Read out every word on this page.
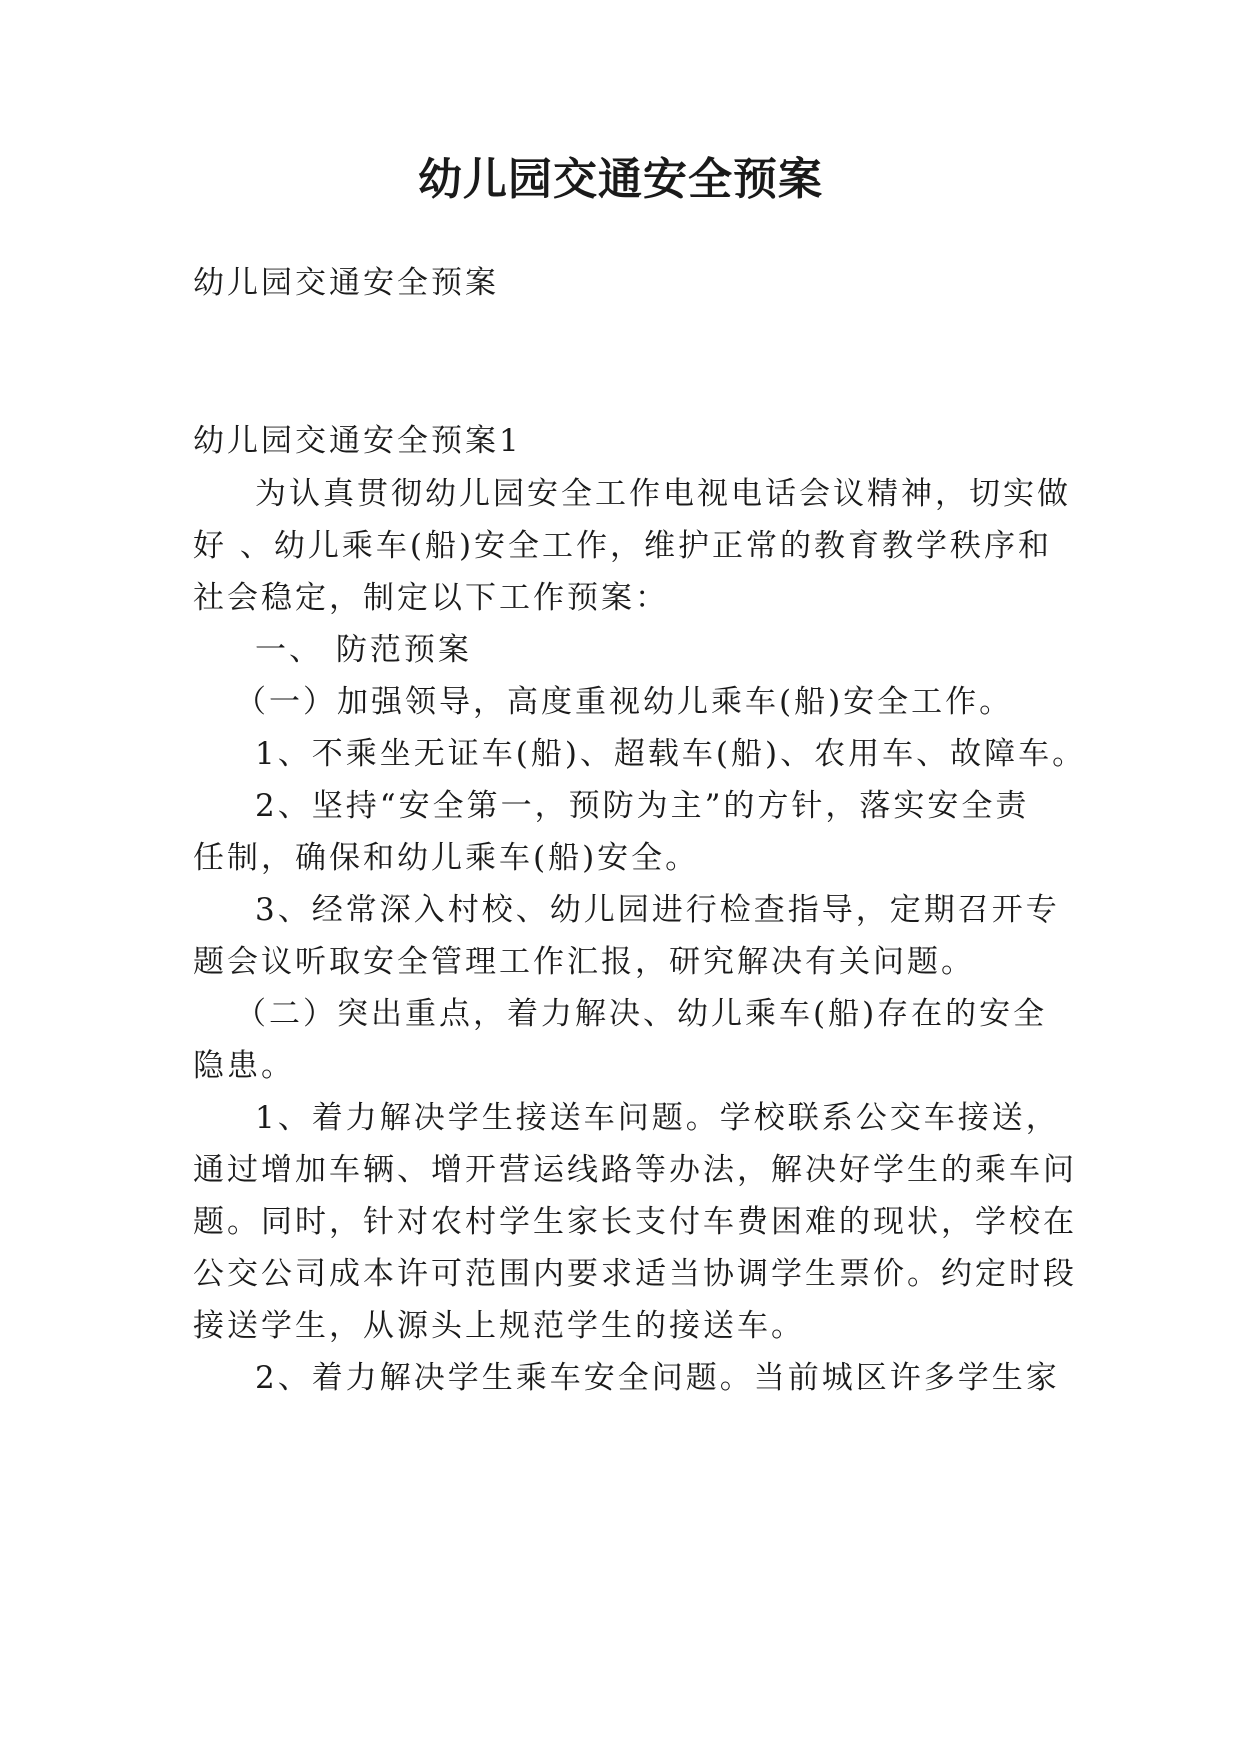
幼儿园交通安全预案

幼儿园交通安全预案

幼儿园交通安全预案1

为认真贯彻幼儿园安全工作电视电话会议精神，切实做

好 、幼儿乘车(船)安全工作，维护正常的教育教学秩序和

社会稳定，制定以下工作预案：

一、 防范预案

（一）加强领导，高度重视幼儿乘车(船)安全工作。

1、不乘坐无证车(船)、超载车(船)、农用车、故障车。

2、坚持“安全第一，预防为主”的方针，落实安全责

任制，确保和幼儿乘车(船)安全。

3、经常深入村校、幼儿园进行检查指导，定期召开专

题会议听取安全管理工作汇报，研究解决有关问题。

（二）突出重点，着力解决、幼儿乘车(船)存在的安全

隐患。

1、着力解决学生接送车问题。学校联系公交车接送，

通过增加车辆、增开营运线路等办法，解决好学生的乘车问

题。同时，针对农村学生家长支付车费困难的现状，学校在

公交公司成本许可范围内要求适当协调学生票价。约定时段

接送学生，从源头上规范学生的接送车。

2、着力解决学生乘车安全问题。当前城区许多学生家
